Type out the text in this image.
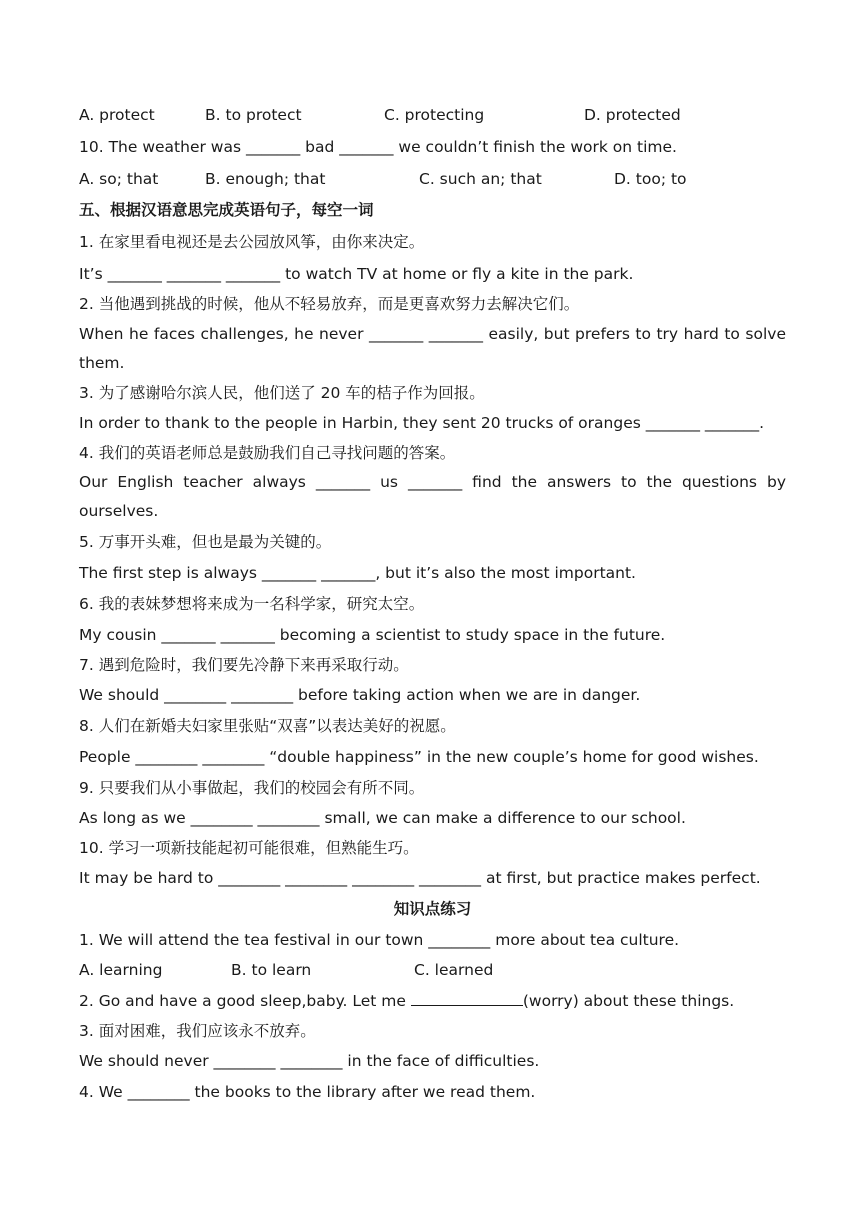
A. protect	B. to protect	C. protecting	D. protected
10. The weather was _______ bad _______ we couldn’t finish the work on time.
A. so; that	B. enough; that	C. such an; that	D. too; to
五、根据汉语意思完成英语句子，每空一词
1. 在家里看电视还是去公园放风筝，由你来决定。
It’s _______ _______ _______ to watch TV at home or fly a kite in the park.
2. 当他遇到挑战的时候，他从不轻易放弃，而是更喜欢努力去解决它们。
When he faces challenges, he never _______ _______ easily, but prefers to try hard to solve them.
3. 为了感谢哈尔滨人民，他们送了 20 车的桔子作为回报。
In order to thank to the people in Harbin, they sent 20 trucks of oranges _______ _______.
4. 我们的英语老师总是鼓励我们自己寻找问题的答案。
Our English teacher always _______ us _______ find the answers to the questions by ourselves.
5. 万事开头难，但也是最为关键的。
The first step is always _______ _______, but it’s also the most important.
6. 我的表妹梦想将来成为一名科学家，研究太空。
My cousin _______ _______ becoming a scientist to study space in the future.
7. 遇到危险时，我们要先冷静下来再采取行动。
We should ________ ________ before taking action when we are in danger.
8. 人们在新婚夫妇家里张贴“双喜”以表达美好的祝愿。
People ________ ________ “double happiness” in the new couple’s home for good wishes.
9. 只要我们从小事做起，我们的校园会有所不同。
As long as we ________ ________ small, we can make a difference to our school.
10. 学习一项新技能起初可能很难，但熟能生巧。
It may be hard to ________ ________ ________ ________ at first, but practice makes perfect.
知识点练习
1. We will attend the tea festival in our town ________ more about tea culture.
A. learning	B. to learn	C. learned
2. Go and have a good sleep,baby. Let me	(worry) about these things.
3. 面对困难，我们应该永不放弃。
We should never ________ ________ in the face of difficulties.
4. We ________ the books to the library after we read them.
